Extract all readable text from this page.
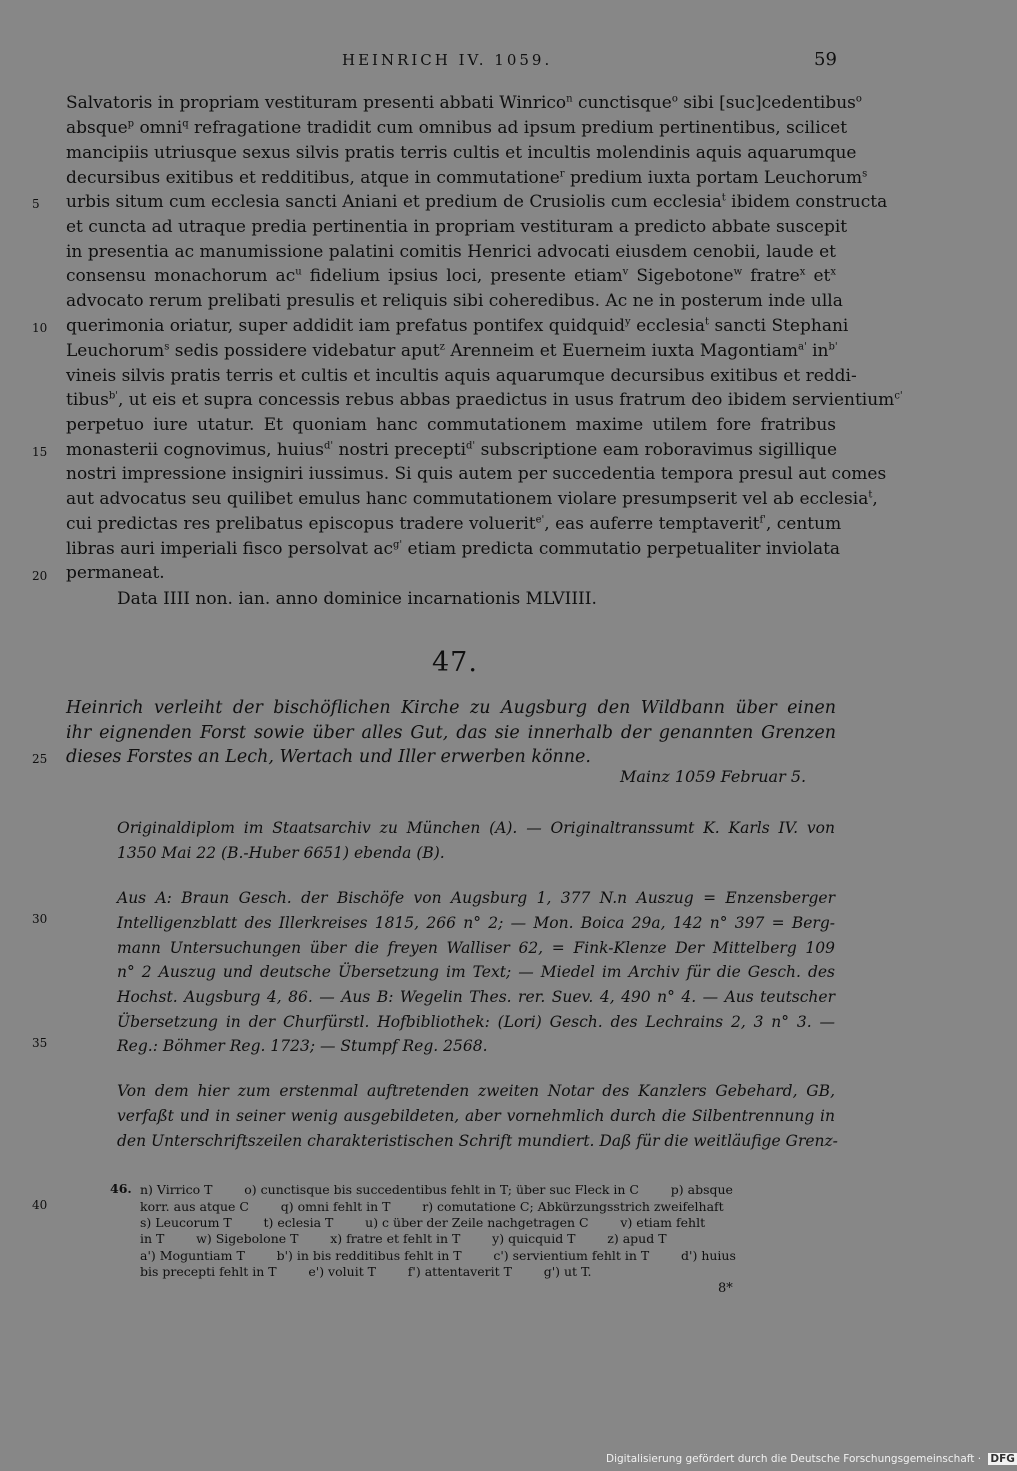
HEINRICH IV. 1059.	59
Salvatoris in propriam vestituram presenti abbati Winrico$^n$ cunctisque$^o$ sibi [suc]cedentibus$^o$
absque$^p$ omni$^q$ refragatione tradidit cum omnibus ad ipsum predium pertinentibus, scilicet
mancipiis utriusque sexus silvis pratis terris cultis et incultis molendinis aquis aquarumque
decursibus exitibus et redditibus, atque in commutatione$^r$ predium iuxta portam Leuchorum$^s$
urbis situm cum ecclesia sancti Aniani et predium de Crusiolis cum ecclesia$^t$ ibidem constructa
et cuncta ad utraque predia pertinentia in propriam vestituram a predicto abbate suscepit
in presentia ac manumissione palatini comitis Henrici advocati eiusdem cenobii, laude et
consensu monachorum $ac^u$ fidelium ipsius loci, presente etiam$^v$ Sigebotone$^w$ fratre$^x$ $et^x$
advocato rerum prelibati presulis et reliquis sibi coheredibus. Ac ne in posterum inde ulla
querimonia oriatur, super addidit iam prefatus pontifex quidquid$^y$ ecclesia$^t$ sancti Stephani
Leuchorum$^s$ sedis possidere videbatur aput$^z$ Arenneim et Euerneim iuxta Magontiam$^{a'}$ $in^{b'}$
vineis silvis pratis terris et cultis et incultis aquis aquarumque decursibus exitibus et reddi-
tibus$^{b'}$, ut eis et supra concessis rebus abbas praedictus in usus fratrum deo ibidem servientium$^{c'}$
perpetuo iure utatur. Et quoniam hanc commutationem maxime utilem fore fratribus
monasterii cognovimus, huius$^{d'}$ nostri precepti$^{d'}$ subscriptione eam roboravimus sigillique
nostri impressione insigniri iussimus. Si quis autem per succedentia tempora presul aut comes
aut advocatus seu quilibet emulus hanc commutationem violare presumpserit vel ab ecclesia$^t$,
cui predictas res prelibatus episcopus tradere voluerit$^{e'}$, eas auferre temptaverit$^{f'}$, centum
libras auri imperiali fisco persolvat $ac^{g'}$ etiam predicta commutatio perpetualiter inviolata
permaneat.
Data IIII non. ian. anno dominice incarnationis MLVIIII.
5
10
15
20
25
30
35
40
47.
Heinrich verleiht der bischöflichen Kirche zu Augsburg den Wildbann über einen
ihr eignenden Forst sowie über alles Gut, das sie innerhalb der genannten Grenzen
dieses Forstes an Lech, Wertach und Iller erwerben könne.
Mainz 1059 Februar 5.
Originaldiplom im Staatsarchiv zu München (A). — Originaltranssumt K. Karls IV. von
1350 Mai 22 (B.-Huber 6651) ebenda (B).
Aus A: Braun Gesch. der Bischöfe von Augsburg 1, 377 N.n Auszug = Enzensberger
Intelligenzblatt des Illerkreises 1815, 266 n° 2; — Mon. Boica 29a, 142 n° 397 = Berg-
mann Untersuchungen über die freyen Walliser 62, = Fink-Klenze Der Mittelberg 109
n° 2 Auszug und deutsche Übersetzung im Text; — Miedel im Archiv für die Gesch. des
Hochst. Augsburg 4, 86. — Aus B: Wegelin Thes. rer. Suev. 4, 490 n° 4. — Aus teutscher
Übersetzung in der Churfürstl. Hofbibliothek: (Lori) Gesch. des Lechrains 2, 3 n° 3. —
Reg.: Böhmer Reg. 1723; — Stumpf Reg. 2568.
Von dem hier zum erstenmal auftretenden zweiten Notar des Kanzlers Gebehard, GB,
verfaßt und in seiner wenig ausgebildeten, aber vornehmlich durch die Silbentrennung in
den Unterschriftszeilen charakteristischen Schrift mundiert. Daß für die weitläufige Grenz-
46. n) Virrico T        o) cunctisque bis succedentibus fehlt in T; über suc Fleck in C        p) absque
korr. aus atque C        q) omni fehlt in T        r) comutatione C; Abkürzungsstrich zweifelhaft
s) Leucorum T        t) eclesia T        u) c über der Zeile nachgetragen C        v) etiam fehlt
in T        w) Sigebolone T        x) fratre et fehlt in T        y) quicquid T        z) apud T
a') Moguntiam T        b') in bis redditibus fehlt in T        c') servientium fehlt in T        d') huius
bis precepti fehlt in T        e') voluit T        f') attentaverit T        g') ut T.
8*
Digitalisierung gefördert durch die Deutsche Forschungsgemeinschaft · DFG
